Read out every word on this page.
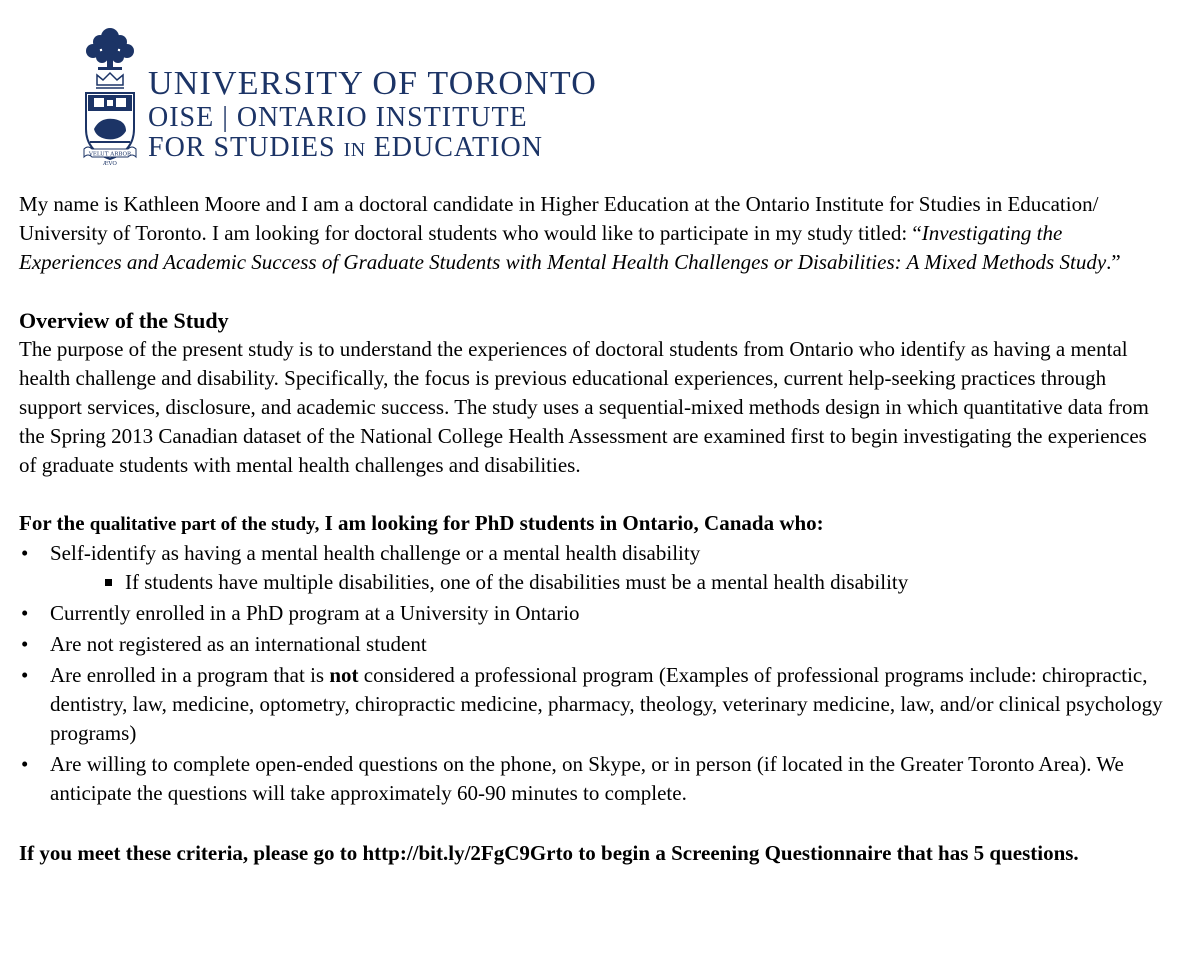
VELUT ARBOR
ÆVO
UNIVERSITY OF TORONTO
OISE | ONTARIO INSTITUTE
FOR STUDIES IN EDUCATION

My name is Kathleen Moore and I am a doctoral candidate in Higher Education at the Ontario Institute for Studies in Education/ University of Toronto. I am looking for doctoral students who would like to participate in my study titled: “Investigating the Experiences and Academic Success of Graduate Students with Mental Health Challenges or Disabilities: A Mixed Methods Study.”

Overview of the Study

The purpose of the present study is to understand the experiences of doctoral students from Ontario who identify as having a mental health challenge and disability. Specifically, the focus is previous educational experiences, current help-seeking practices through support services, disclosure, and academic success. The study uses a sequential-mixed methods design in which quantitative data from the Spring 2013 Canadian dataset of the National College Health Assessment are examined first to begin investigating the experiences of graduate students with mental health challenges and disabilities.

For the qualitative part of the study, I am looking for PhD students in Ontario, Canada who:

• Self-identify as having a mental health challenge or a mental health disability
If students have multiple disabilities, one of the disabilities must be a mental health disability
• Currently enrolled in a PhD program at a University in Ontario
• Are not registered as an international student
• Are enrolled in a program that is not considered a professional program (Examples of professional programs include: chiropractic, dentistry, law, medicine, optometry, chiropractic medicine, pharmacy, theology, veterinary medicine, law, and/or clinical psychology programs)
• Are willing to complete open-ended questions on the phone, on Skype, or in person (if located in the Greater Toronto Area). We anticipate the questions will take approximately 60-90 minutes to complete.

If you meet these criteria, please go to http://bit.ly/2FgC9Grto to begin a Screening Questionnaire that has 5 questions.
